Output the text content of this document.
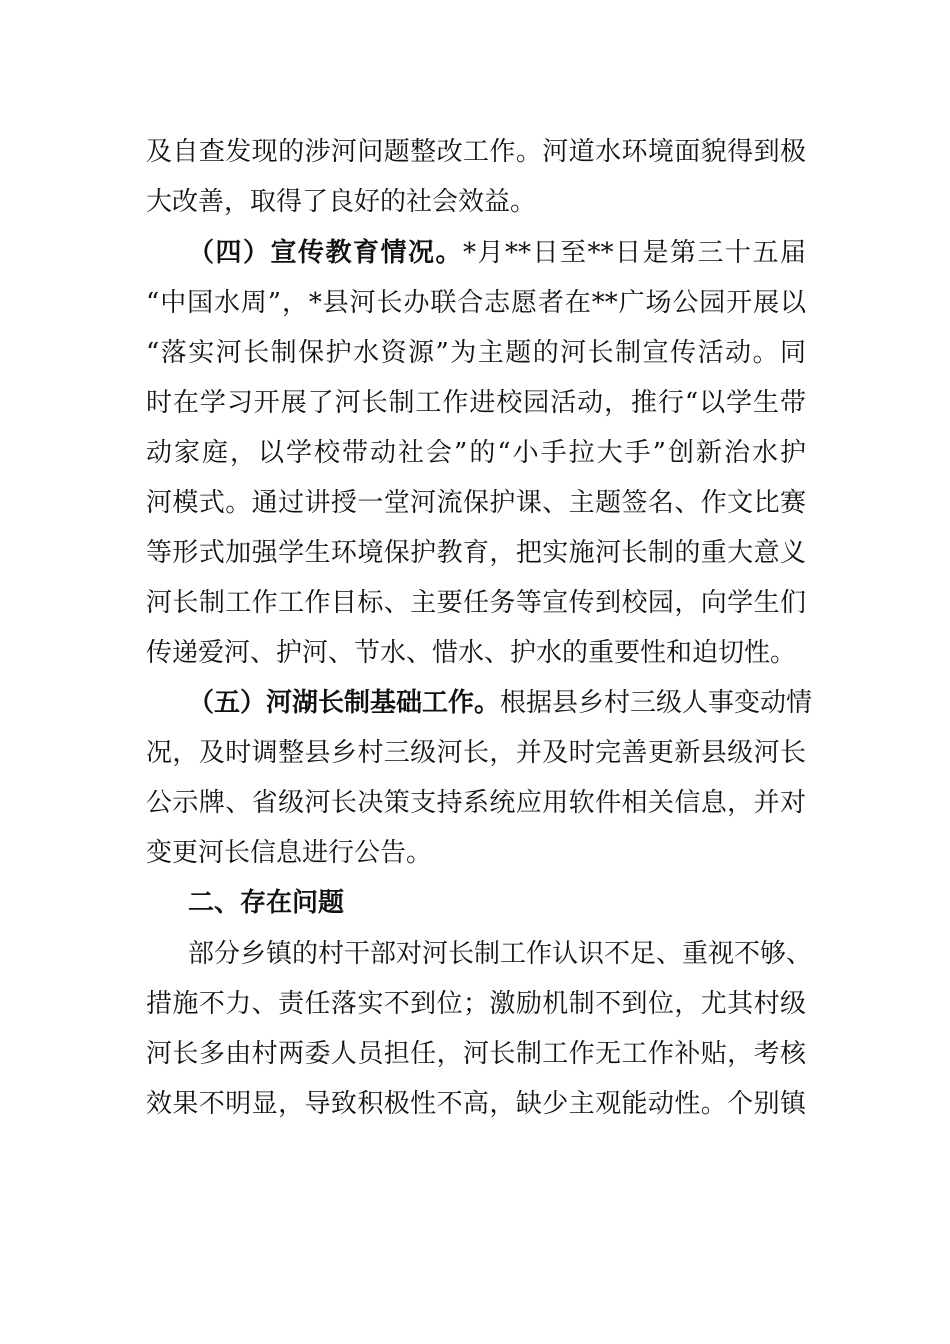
及自查发现的涉河问题整改工作。河道水环境面貌得到极
大改善，取得了良好的社会效益。
（四）宣传教育情况。*月**日至**日是第三十五届
“中国水周”，*县河长办联合志愿者在**广场公园开展以
“落实河长制保护水资源”为主题的河长制宣传活动。同
时在学习开展了河长制工作进校园活动，推行“以学生带
动家庭，以学校带动社会”的“小手拉大手”创新治水护
河模式。通过讲授一堂河流保护课、主题签名、作文比赛
等形式加强学生环境保护教育，把实施河长制的重大意义
河长制工作工作目标、主要任务等宣传到校园，向学生们
传递爱河、护河、节水、惜水、护水的重要性和迫切性。
（五）河湖长制基础工作。根据县乡村三级人事变动情
况，及时调整县乡村三级河长，并及时完善更新县级河长
公示牌、省级河长决策支持系统应用软件相关信息，并对
变更河长信息进行公告。
二、存在问题
部分乡镇的村干部对河长制工作认识不足、重视不够、
措施不力、责任落实不到位；激励机制不到位，尤其村级
河长多由村两委人员担任，河长制工作无工作补贴，考核
效果不明显，导致积极性不高，缺少主观能动性。个别镇
